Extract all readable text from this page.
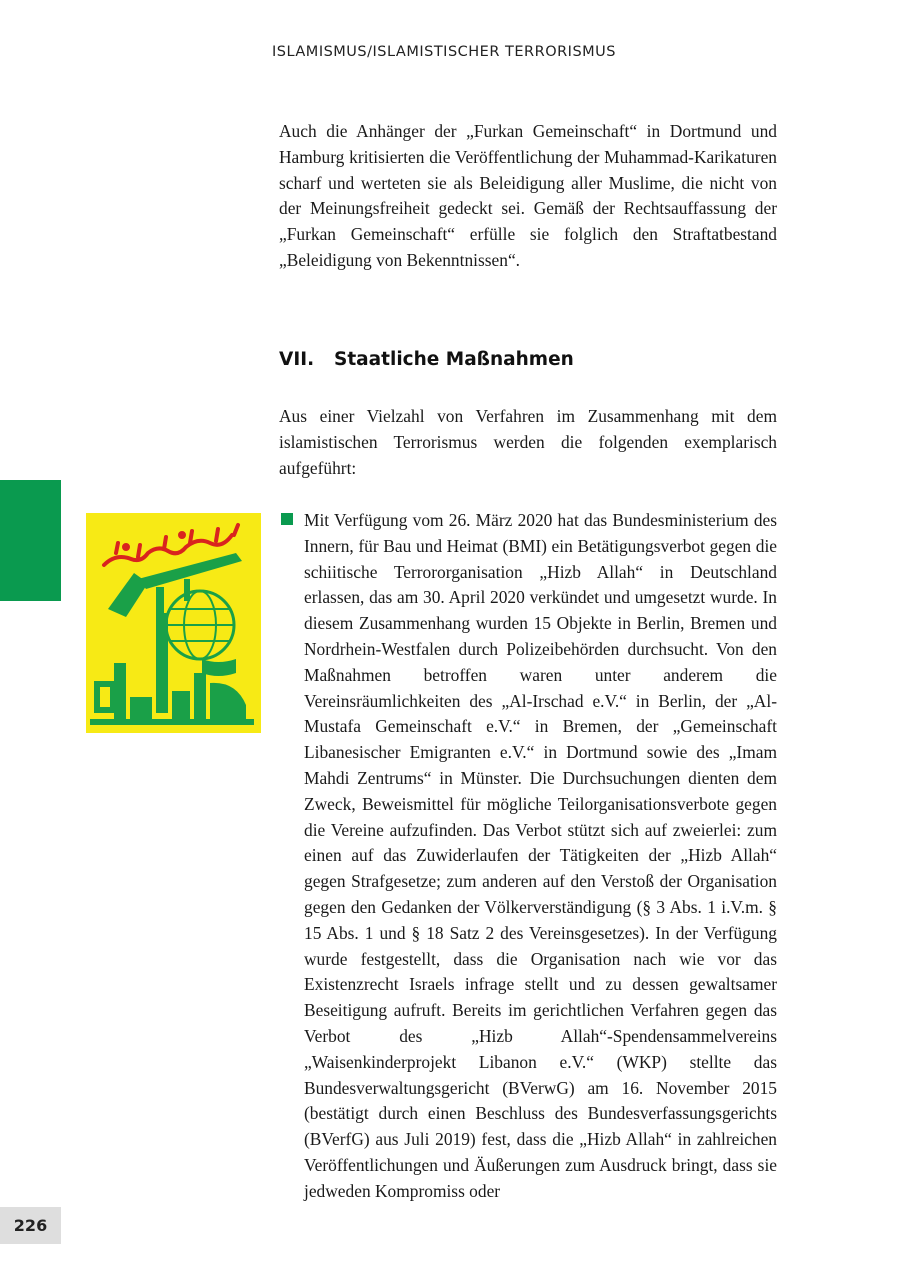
ISLAMISMUS/ISLAMISTISCHER TERRORISMUS
Auch die Anhänger der „Furkan Gemeinschaft“ in Dortmund und Hamburg kritisierten die Veröffentlichung der Muhammad-Karikaturen scharf und werteten sie als Beleidigung aller Muslime, die nicht von der Meinungsfreiheit gedeckt sei. Gemäß der Rechtsauffassung der „Furkan Gemeinschaft“ erfülle sie folglich den Straftatbestand „Beleidigung von Bekenntnissen“.
VII. Staatliche Maßnahmen
Aus einer Vielzahl von Verfahren im Zusammenhang mit dem islamistischen Terrorismus werden die folgenden exemplarisch aufgeführt:
Mit Verfügung vom 26. März 2020 hat das Bundesministerium des Innern, für Bau und Heimat (BMI) ein Betätigungsverbot gegen die schiitische Terrororganisation „Hizb Allah“ in Deutschland erlassen, das am 30. April 2020 verkündet und umgesetzt wurde. In diesem Zusammenhang wurden 15 Objekte in Berlin, Bremen und Nordrhein-Westfalen durch Polizeibehörden durchsucht. Von den Maßnahmen betroffen waren unter anderem die Vereinsräumlichkeiten des „Al-Irschad e.V.“ in Berlin, der „Al-Mustafa Gemeinschaft e.V.“ in Bremen, der „Gemeinschaft Libanesischer Emigranten e.V.“ in Dortmund sowie des „Imam Mahdi Zentrums“ in Münster. Die Durchsuchungen dienten dem Zweck, Beweismittel für mögliche Teilorganisationsverbote gegen die Vereine aufzufinden. Das Verbot stützt sich auf zweierlei: zum einen auf das Zuwiderlaufen der Tätigkeiten der „Hizb Allah“ gegen Strafgesetze; zum anderen auf den Verstoß der Organisation gegen den Gedanken der Völkerverständigung (§ 3 Abs. 1 i.V.m. § 15 Abs. 1 und § 18 Satz 2 des Vereinsgesetzes). In der Verfügung wurde festgestellt, dass die Organisation nach wie vor das Existenzrecht Israels infrage stellt und zu dessen gewaltsamer Beseitigung aufruft. Bereits im gerichtlichen Verfahren gegen das Verbot des „Hizb Allah“-Spendensammelvereins „Waisenkinderprojekt Libanon e.V.“ (WKP) stellte das Bundesverwaltungsgericht (BVerwG) am 16. November 2015 (bestätigt durch einen Beschluss des Bundesverfassungsgerichts (BVerfG) aus Juli 2019) fest, dass die „Hizb Allah“ in zahlreichen Veröffentlichungen und Äußerungen zum Ausdruck bringt, dass sie jedweden Kompromiss oder
226
